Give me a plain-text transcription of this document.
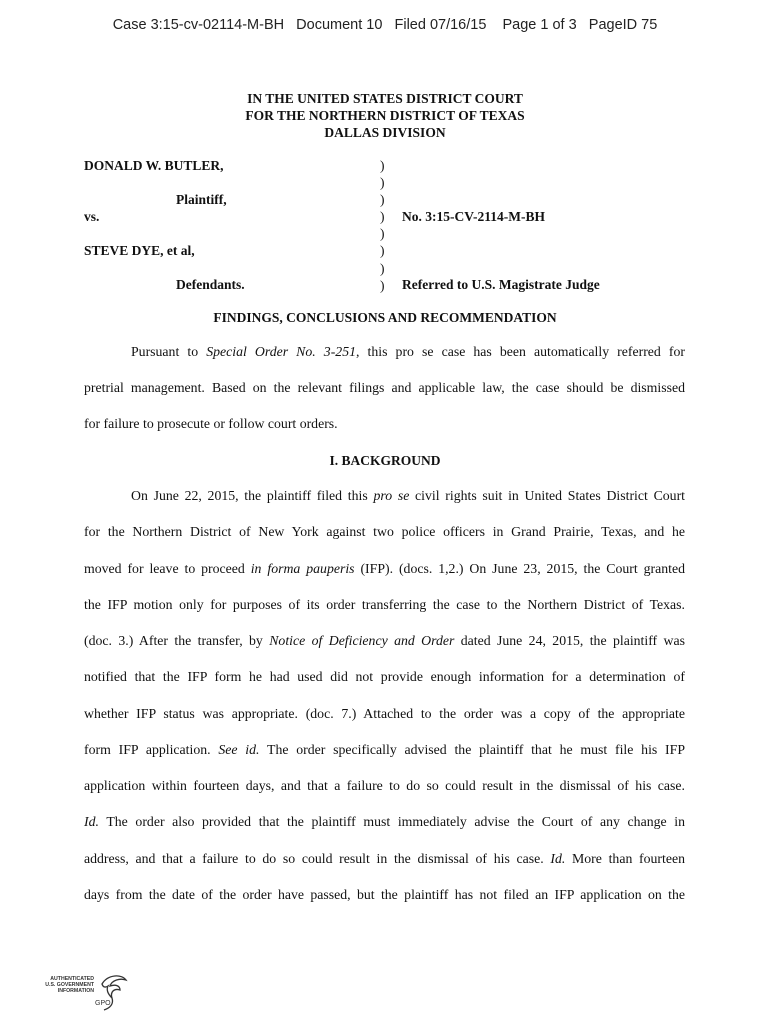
Case 3:15-cv-02114-M-BH   Document 10   Filed 07/16/15    Page 1 of 3   PageID 75
IN THE UNITED STATES DISTRICT COURT
FOR THE NORTHERN DISTRICT OF TEXAS
DALLAS DIVISION
DONALD W. BUTLER,
Plaintiff,
vs.
STEVE DYE, et al,
Defendants.
No. 3:15-CV-2114-M-BH
Referred to U.S. Magistrate Judge
)
)
)
)
)
)
)
)
FINDINGS, CONCLUSIONS AND RECOMMENDATION
Pursuant to Special Order No. 3-251, this pro se case has been automatically referred for
pretrial management. Based on the relevant filings and applicable law, the case should be dismissed
for failure to prosecute or follow court orders.
I. BACKGROUND
On June 22, 2015, the plaintiff filed this pro se civil rights suit in United States District Court
for the Northern District of New York against two police officers in Grand Prairie, Texas, and he
moved for leave to proceed in forma pauperis (IFP). (docs. 1,2.) On June 23, 2015, the Court granted
the IFP motion only for purposes of its order transferring the case to the Northern District of Texas.
(doc. 3.) After the transfer, by Notice of Deficiency and Order dated June 24, 2015, the plaintiff was
notified that the IFP form he had used did not provide enough information for a determination of
whether IFP status was appropriate. (doc. 7.) Attached to the order was a copy of the appropriate
form IFP application. See id. The order specifically advised the plaintiff that he must file his IFP
application within fourteen days, and that a failure to do so could result in the dismissal of his case.
Id. The order also provided that the plaintiff must immediately advise the Court of any change in
address, and that a failure to do so could result in the dismissal of his case. Id. More than fourteen
days from the date of the order have passed, but the plaintiff has not filed an IFP application on the
AUTHENTICATED
U.S. GOVERNMENT
INFORMATION
GPO
